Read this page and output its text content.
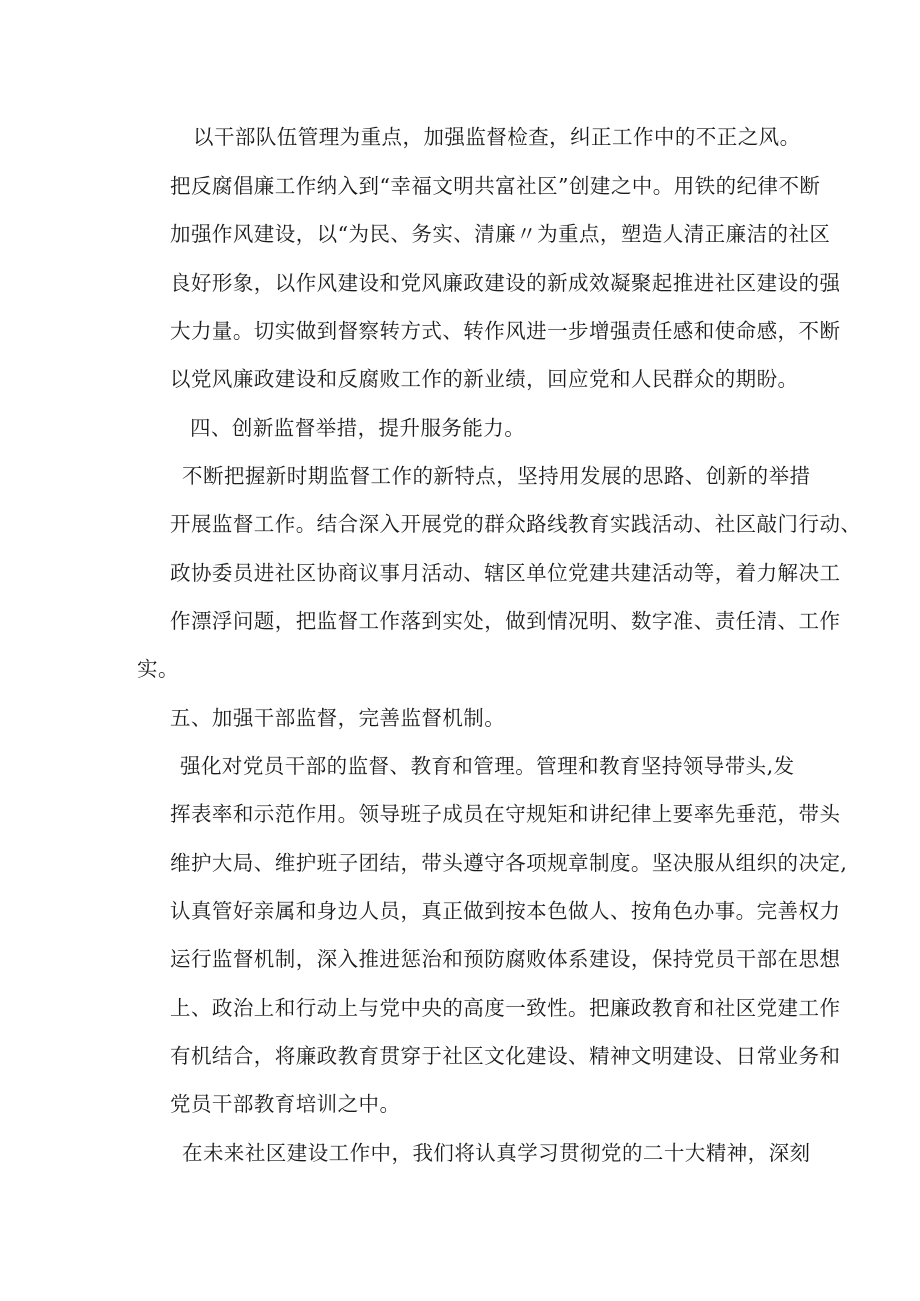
以干部队伍管理为重点，加强监督检查，纠正工作中的不正之风。

把反腐倡廉工作纳入到“幸福文明共富社区”创建之中。用铁的纪律不断

加强作风建设，以“为民、务实、清廉〃为重点，塑造人清正廉洁的社区

良好形象，以作风建设和党风廉政建设的新成效凝聚起推进社区建设的强

大力量。切实做到督察转方式、转作风进一步增强责任感和使命感，不断

以党风廉政建设和反腐败工作的新业绩，回应党和人民群众的期盼。

四、创新监督举措，提升服务能力。

不断把握新时期监督工作的新特点，坚持用发展的思路、创新的举措

开展监督工作。结合深入开展党的群众路线教育实践活动、社区敲门行动、

政协委员进社区协商议事月活动、辖区单位党建共建活动等，着力解决工

作漂浮问题，把监督工作落到实处，做到情况明、数字准、责任清、工作

实。

五、加强干部监督，完善监督机制。

强化对党员干部的监督、教育和管理。管理和教育坚持领导带头,发

挥表率和示范作用。领导班子成员在守规矩和讲纪律上要率先垂范，带头

维护大局、维护班子团结，带头遵守各项规章制度。坚决服从组织的决定,

认真管好亲属和身边人员，真正做到按本色做人、按角色办事。完善权力

运行监督机制，深入推进惩治和预防腐败体系建设，保持党员干部在思想

上、政治上和行动上与党中央的高度一致性。把廉政教育和社区党建工作

有机结合，将廉政教育贯穿于社区文化建设、精神文明建设、日常业务和

党员干部教育培训之中。

在未来社区建设工作中，我们将认真学习贯彻党的二十大精神，深刻
